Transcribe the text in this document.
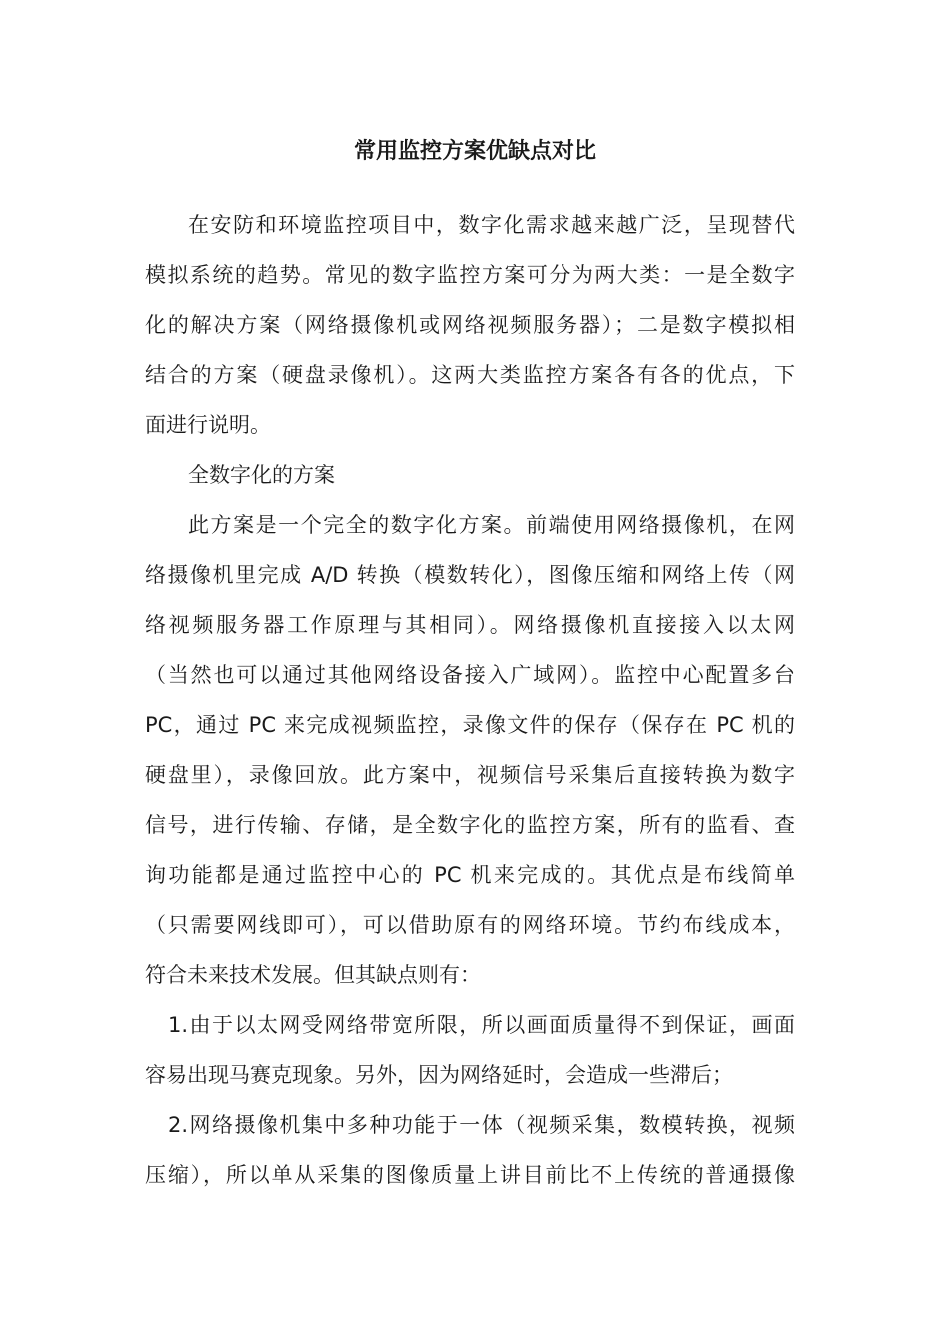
常用监控方案优缺点对比
在安防和环境监控项目中，数字化需求越来越广泛，呈现替代
模拟系统的趋势。常见的数字监控方案可分为两大类：一是全数字
化的解决方案（网络摄像机或网络视频服务器）；二是数字模拟相
结合的方案（硬盘录像机）。这两大类监控方案各有各的优点，下
面进行说明。
全数字化的方案
此方案是一个完全的数字化方案。前端使用网络摄像机，在网
络摄像机里完成 A/D 转换（模数转化），图像压缩和网络上传（网
络视频服务器工作原理与其相同）。网络摄像机直接接入以太网
（当然也可以通过其他网络设备接入广域网）。监控中心配置多台
PC，通过 PC 来完成视频监控，录像文件的保存（保存在 PC 机的
硬盘里），录像回放。此方案中，视频信号采集后直接转换为数字
信号，进行传输、存储，是全数字化的监控方案，所有的监看、查
询功能都是通过监控中心的 PC 机来完成的。其优点是布线简单
（只需要网线即可），可以借助原有的网络环境。节约布线成本，
符合未来技术发展。但其缺点则有：
1.由于以太网受网络带宽所限，所以画面质量得不到保证，画面
容易出现马赛克现象。另外，因为网络延时，会造成一些滞后；
2.网络摄像机集中多种功能于一体（视频采集，数模转换，视频
压缩），所以单从采集的图像质量上讲目前比不上传统的普通摄像
